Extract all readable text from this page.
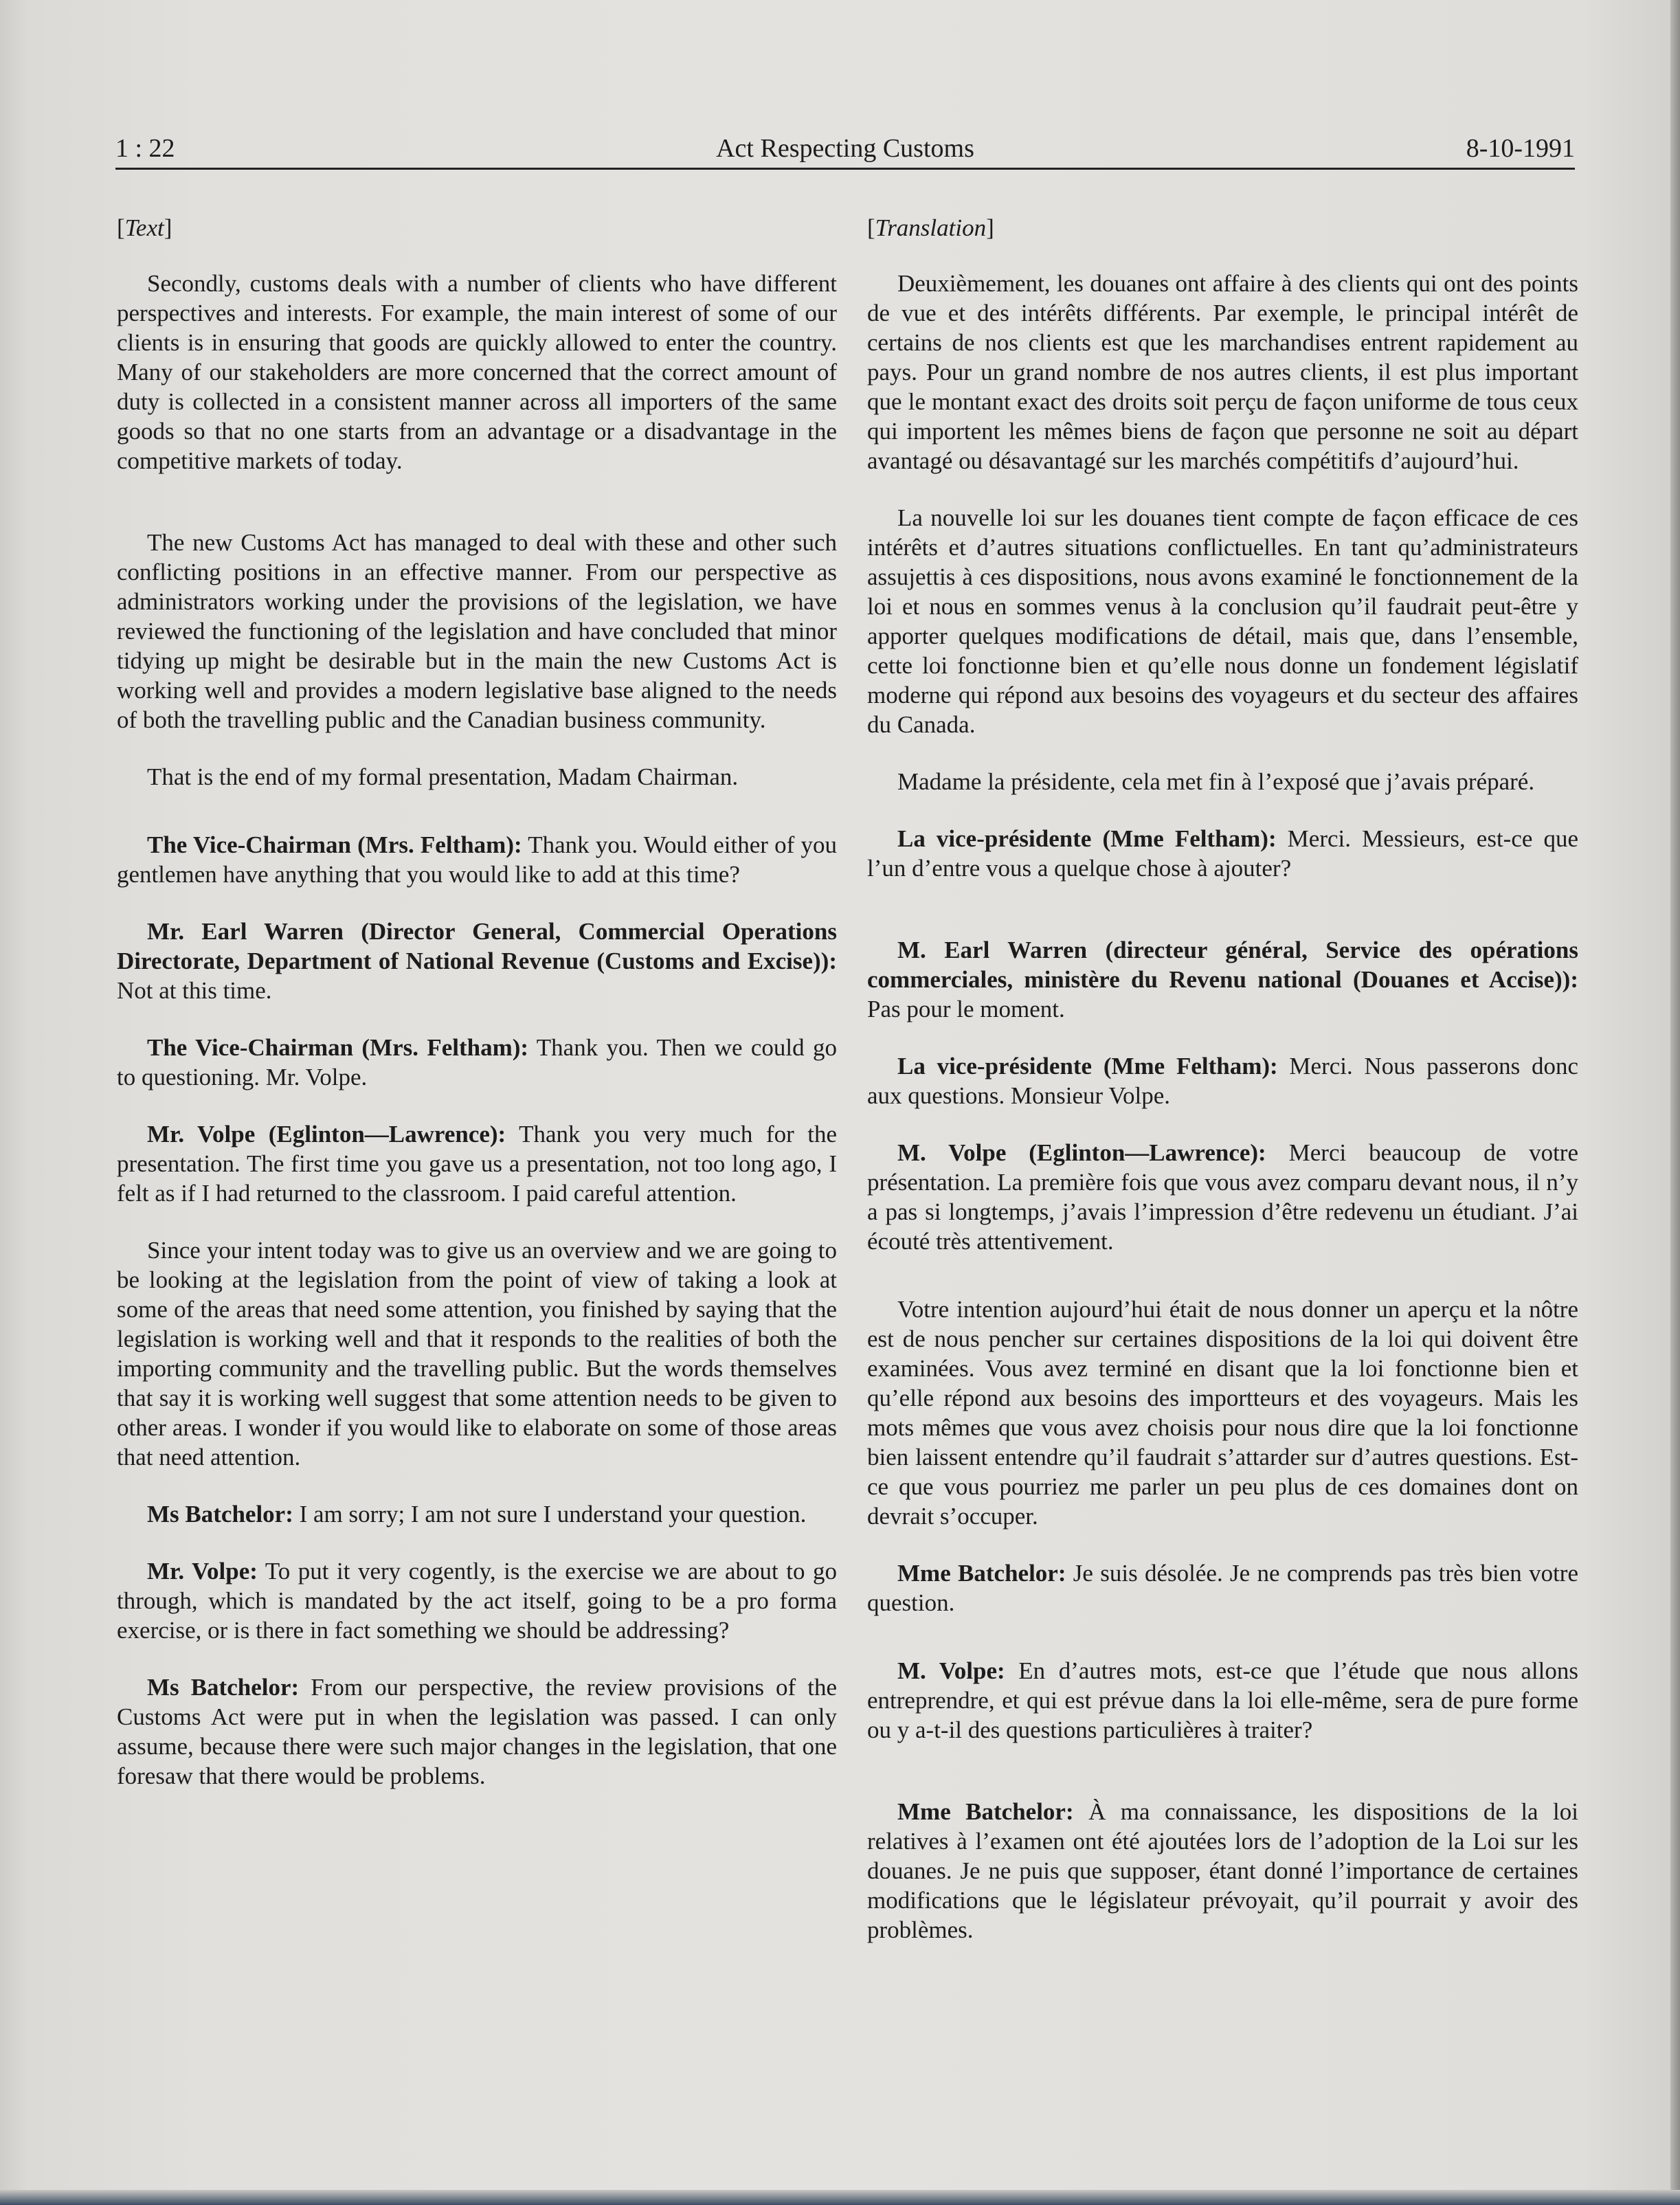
1 : 22	Act Respecting Customs	8-10-1991
[Text]

Secondly, customs deals with a number of clients who have different perspectives and interests. For example, the main interest of some of our clients is in ensuring that goods are quickly allowed to enter the country. Many of our stakeholders are more concerned that the correct amount of duty is collected in a consistent manner across all importers of the same goods so that no one starts from an advantage or a disadvantage in the competitive markets of today.

The new Customs Act has managed to deal with these and other such conflicting positions in an effective manner. From our perspective as administrators working under the provisions of the legislation, we have reviewed the functioning of the legislation and have concluded that minor tidying up might be desirable but in the main the new Customs Act is working well and provides a modern legislative base aligned to the needs of both the travelling public and the Canadian business community.

That is the end of my formal presentation, Madam Chairman.

The Vice-Chairman (Mrs. Feltham): Thank you. Would either of you gentlemen have anything that you would like to add at this time?

Mr. Earl Warren (Director General, Commercial Operations Directorate, Department of National Revenue (Customs and Excise)): Not at this time.

The Vice-Chairman (Mrs. Feltham): Thank you. Then we could go to questioning. Mr. Volpe.

Mr. Volpe (Eglinton—Lawrence): Thank you very much for the presentation. The first time you gave us a presentation, not too long ago, I felt as if I had returned to the classroom. I paid careful attention.

Since your intent today was to give us an overview and we are going to be looking at the legislation from the point of view of taking a look at some of the areas that need some attention, you finished by saying that the legislation is working well and that it responds to the realities of both the importing community and the travelling public. But the words themselves that say it is working well suggest that some attention needs to be given to other areas. I wonder if you would like to elaborate on some of those areas that need attention.

Ms Batchelor: I am sorry; I am not sure I understand your question.

Mr. Volpe: To put it very cogently, is the exercise we are about to go through, which is mandated by the act itself, going to be a pro forma exercise, or is there in fact something we should be addressing?

Ms Batchelor: From our perspective, the review provisions of the Customs Act were put in when the legislation was passed. I can only assume, because there were such major changes in the legislation, that one foresaw that there would be problems.

[Translation]

Deuxièmement, les douanes ont affaire à des clients qui ont des points de vue et des intérêts différents. Par exemple, le principal intérêt de certains de nos clients est que les marchandises entrent rapidement au pays. Pour un grand nombre de nos autres clients, il est plus important que le montant exact des droits soit perçu de façon uniforme de tous ceux qui importent les mêmes biens de façon que personne ne soit au départ avantagé ou désavantagé sur les marchés compétitifs d’aujourd’hui.

La nouvelle loi sur les douanes tient compte de façon efficace de ces intérêts et d’autres situations conflictuelles. En tant qu’administrateurs assujettis à ces dispositions, nous avons examiné le fonctionnement de la loi et nous en sommes venus à la conclusion qu’il faudrait peut-être y apporter quelques modifications de détail, mais que, dans l’ensemble, cette loi fonctionne bien et qu’elle nous donne un fondement législatif moderne qui répond aux besoins des voyageurs et du secteur des affaires du Canada.

Madame la présidente, cela met fin à l’exposé que j’avais préparé.

La vice-présidente (Mme Feltham): Merci. Messieurs, est-ce que l’un d’entre vous a quelque chose à ajouter?

M. Earl Warren (directeur général, Service des opérations commerciales, ministère du Revenu national (Douanes et Accise)): Pas pour le moment.

La vice-présidente (Mme Feltham): Merci. Nous passerons donc aux questions. Monsieur Volpe.

M. Volpe (Eglinton—Lawrence): Merci beaucoup de votre présentation. La première fois que vous avez comparu devant nous, il n’y a pas si longtemps, j’avais l’impression d’être redevenu un étudiant. J’ai écouté très attentivement.

Votre intention aujourd’hui était de nous donner un aperçu et la nôtre est de nous pencher sur certaines dispositions de la loi qui doivent être examinées. Vous avez terminé en disant que la loi fonctionne bien et qu’elle répond aux besoins des importteurs et des voyageurs. Mais les mots mêmes que vous avez choisis pour nous dire que la loi fonctionne bien laissent entendre qu’il faudrait s’attarder sur d’autres questions. Est-ce que vous pourriez me parler un peu plus de ces domaines dont on devrait s’occuper.

Mme Batchelor: Je suis désolée. Je ne comprends pas très bien votre question.

M. Volpe: En d’autres mots, est-ce que l’étude que nous allons entreprendre, et qui est prévue dans la loi elle-même, sera de pure forme ou y a-t-il des questions particulières à traiter?

Mme Batchelor: À ma connaissance, les dispositions de la loi relatives à l’examen ont été ajoutées lors de l’adoption de la Loi sur les douanes. Je ne puis que supposer, étant donné l’importance de certaines modifications que le législateur prévoyait, qu’il pourrait y avoir des problèmes.
